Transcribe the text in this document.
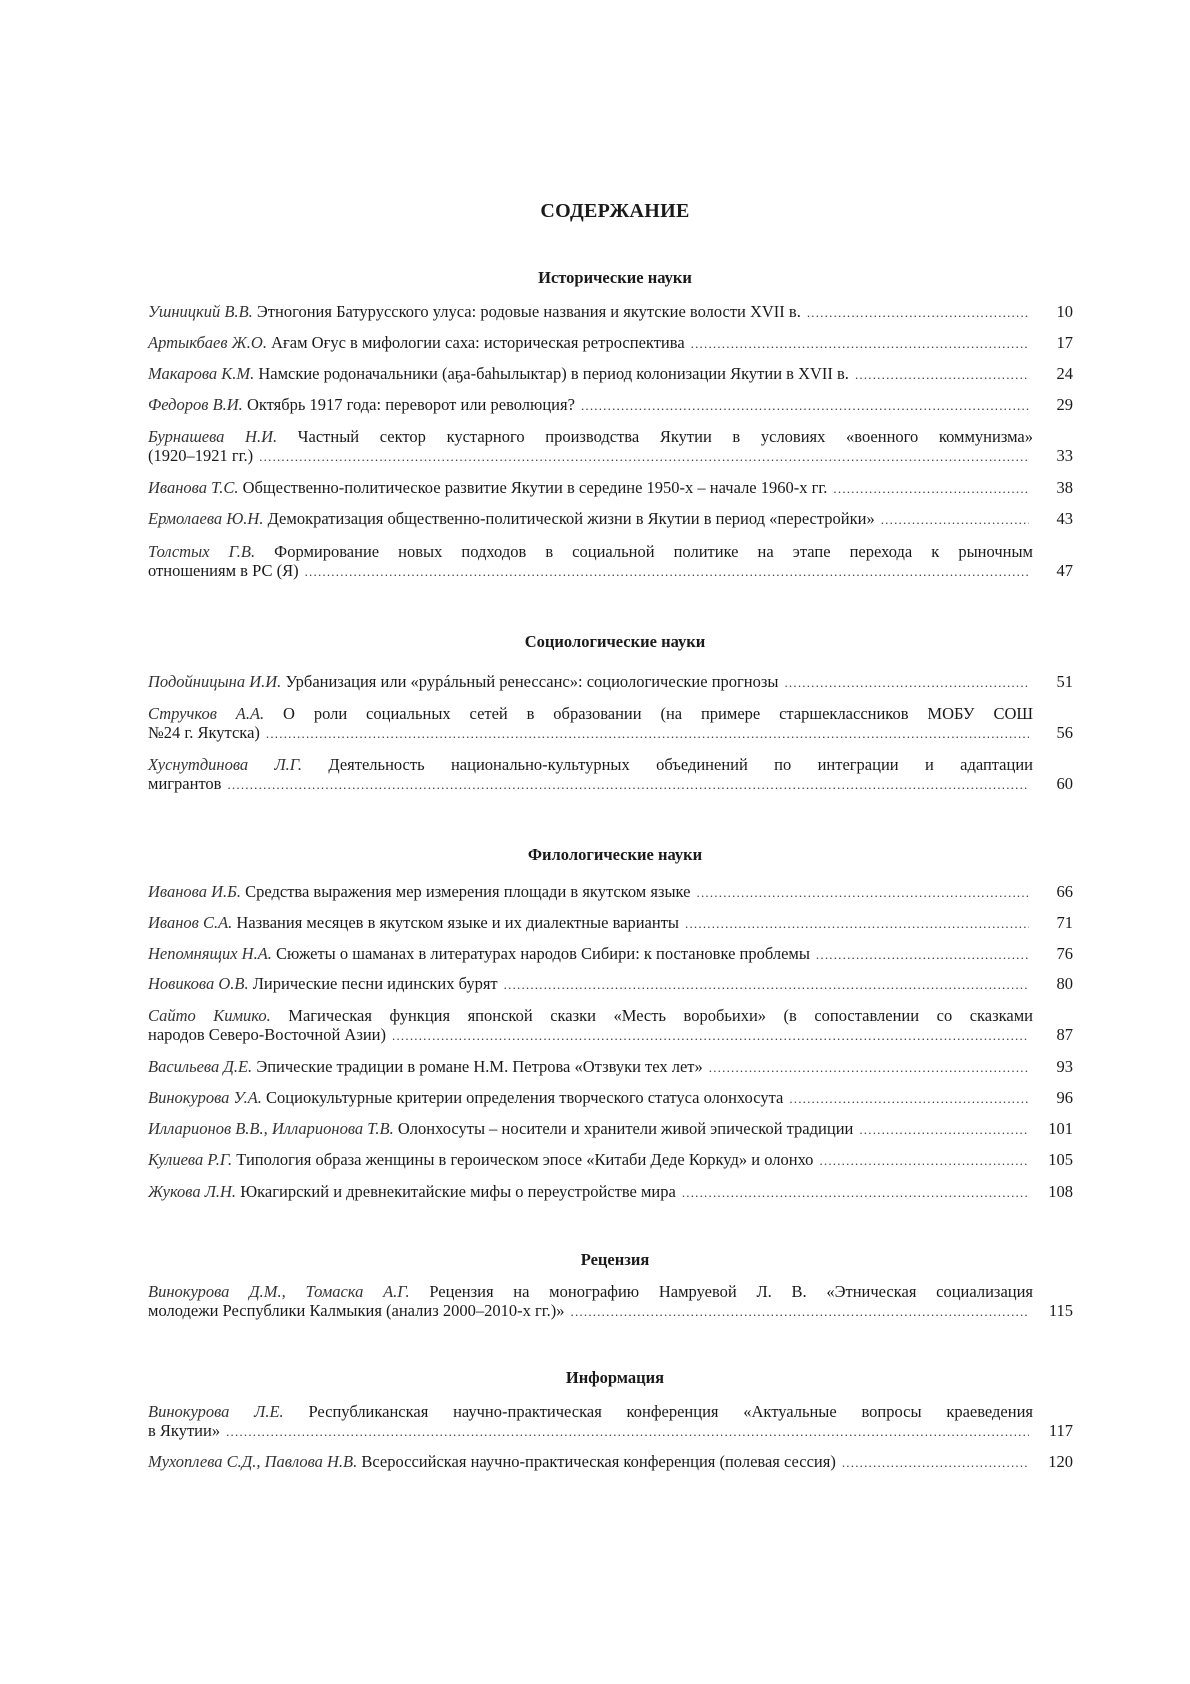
СОДЕРЖАНИЕ
Исторические науки
Ушницкий В.В. Этногония Батурусского улуса: родовые названия и якутские волости XVII в. .....	10
Артыкбаев Ж.О. Ағам Оғус в мифологии саха: историческая ретроспектива .....	17
Макарова К.М. Намские родоначальники (аҕа-баһылыктар) в период колонизации Якутии в XVII в. .....	24
Федоров В.И. Октябрь 1917 года: переворот или революция? .....	29
Бурнашева Н.И. Частный сектор кустарного производства Якутии в условиях «военного коммунизма»
(1920–1921 гг.) .....	33
Иванова Т.С. Общественно-политическое развитие Якутии в середине 1950-х – начале 1960-х гг. .....	38
Ермолаева Ю.Н. Демократизация общественно-политической жизни в Якутии в период «перестройки» .....	43
Толстых Г.В. Формирование новых подходов в социальной политике на этапе перехода к рыночным
отношениям в РС (Я) .....	47
Социологические науки
Подойницына И.И. Урбанизация или «рурáльный ренессанс»: социологические прогнозы .....	51
Стручков А.А. О роли социальных сетей в образовании (на примере старшеклассников МОБУ СОШ
№24 г. Якутска) .....	56
Хуснутдинова Л.Г. Деятельность национально-культурных объединений по интеграции и адаптации
мигрантов .....	60
Филологические науки
Иванова И.Б. Средства выражения мер измерения площади в якутском языке .....	66
Иванов С.А. Названия месяцев в якутском языке и их диалектные варианты .....	71
Непомнящих Н.А. Сюжеты о шаманах в литературах народов Сибири: к постановке проблемы .....	76
Новикова О.В. Лирические песни идинских бурят .....	80
Сайто Кимико. Магическая функция японской сказки «Месть воробьихи» (в сопоставлении со сказками
народов Северо-Восточной Азии) .....	87
Васильева Д.Е. Эпические традиции в романе Н.М. Петрова «Отзвуки тех лет» .....	93
Винокурова У.А. Социокультурные критерии определения творческого статуса олонхосута .....	96
Илларионов В.В., Илларионова Т.В. Олонхосуты – носители и хранители живой эпической традиции .....	101
Кулиева Р.Г. Типология образа женщины в героическом эпосе «Китаби Деде Коркуд» и олонхо .....	105
Жукова Л.Н. Юкагирский и древнекитайские мифы о переустройстве мира .....	108
Рецензия
Винокурова Д.М., Томаска А.Г. Рецензия на монографию Намруевой Л. В. «Этническая социализация
молодежи Республики Калмыкия (анализ 2000–2010-х гг.)» .....	115
Информация
Винокурова Л.Е. Республиканская научно-практическая конференция «Актуальные вопросы краеведения
в Якутии» .....	117
Мухоплева С.Д., Павлова Н.В. Всероссийская научно-практическая конференция (полевая сессия) .....	120
